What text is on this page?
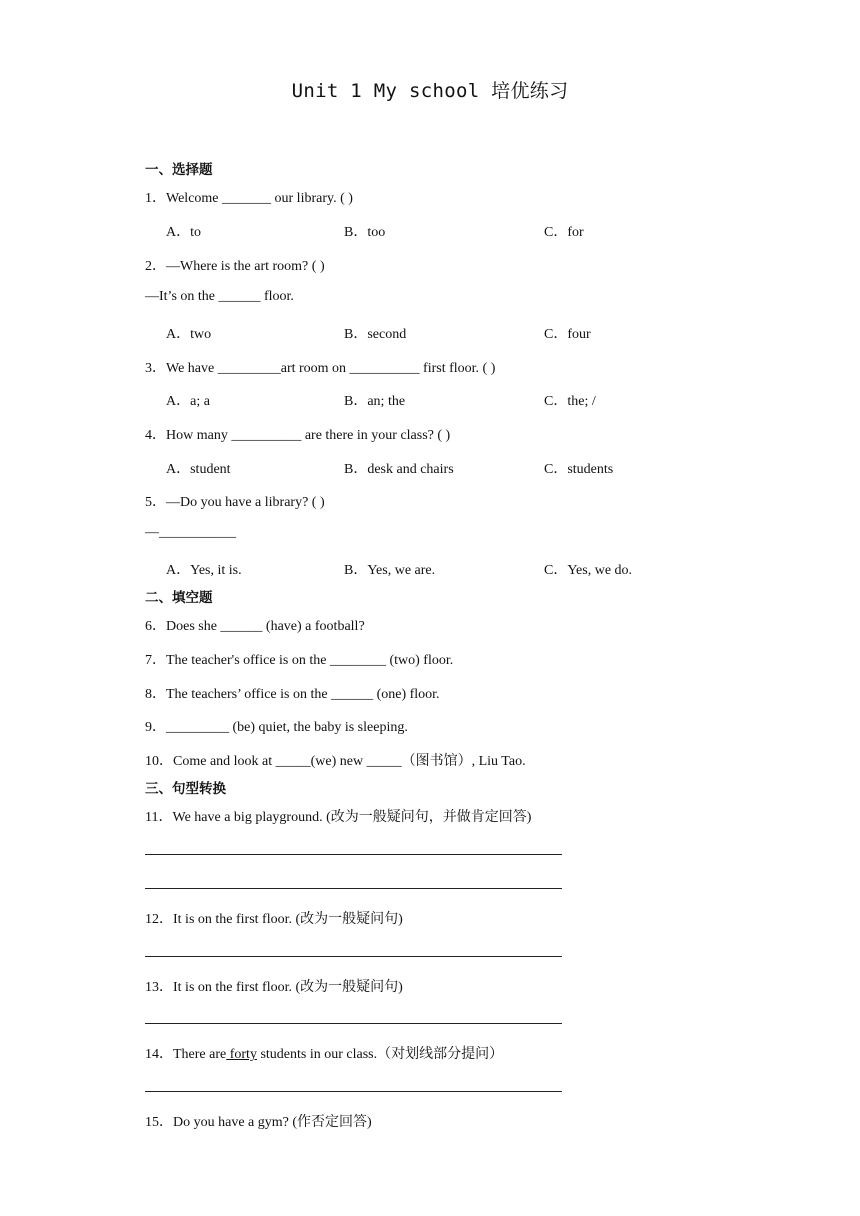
Unit 1 My school 培优练习
一、选择题
1．Welcome _______ our library. ( )
A．to	B．too	C．for
2．—Where is the art room? ( )
—It’s on the ______ floor.
A．two	B．second	C．four
3．We have _________art room on __________ first floor. ( )
A．a; a	B．an; the	C．the; /
4．How many __________ are there in your class? ( )
A．student	B．desk and chairs	C．students
5．—Do you have a library? ( )
—___________
A．Yes, it is.	B．Yes, we are.	C．Yes, we do.
二、填空题
6．Does she ______ (have) a football?
7．The teacher's office is on the ________ (two) floor.
8．The teachers’ office is on the ______ (one) floor.
9．_________ (be) quiet, the baby is sleeping.
10．Come and look at _____(we) new _____（图书馆）, Liu Tao.
三、句型转换
11．We have a big playground. (改为一般疑问句，并做肯定回答)
12．It is on the first floor. (改为一般疑问句)
13．It is on the first floor. (改为一般疑问句)
14．There are forty students in our class.（对划线部分提问）
15．Do you have a gym? (作否定回答)
